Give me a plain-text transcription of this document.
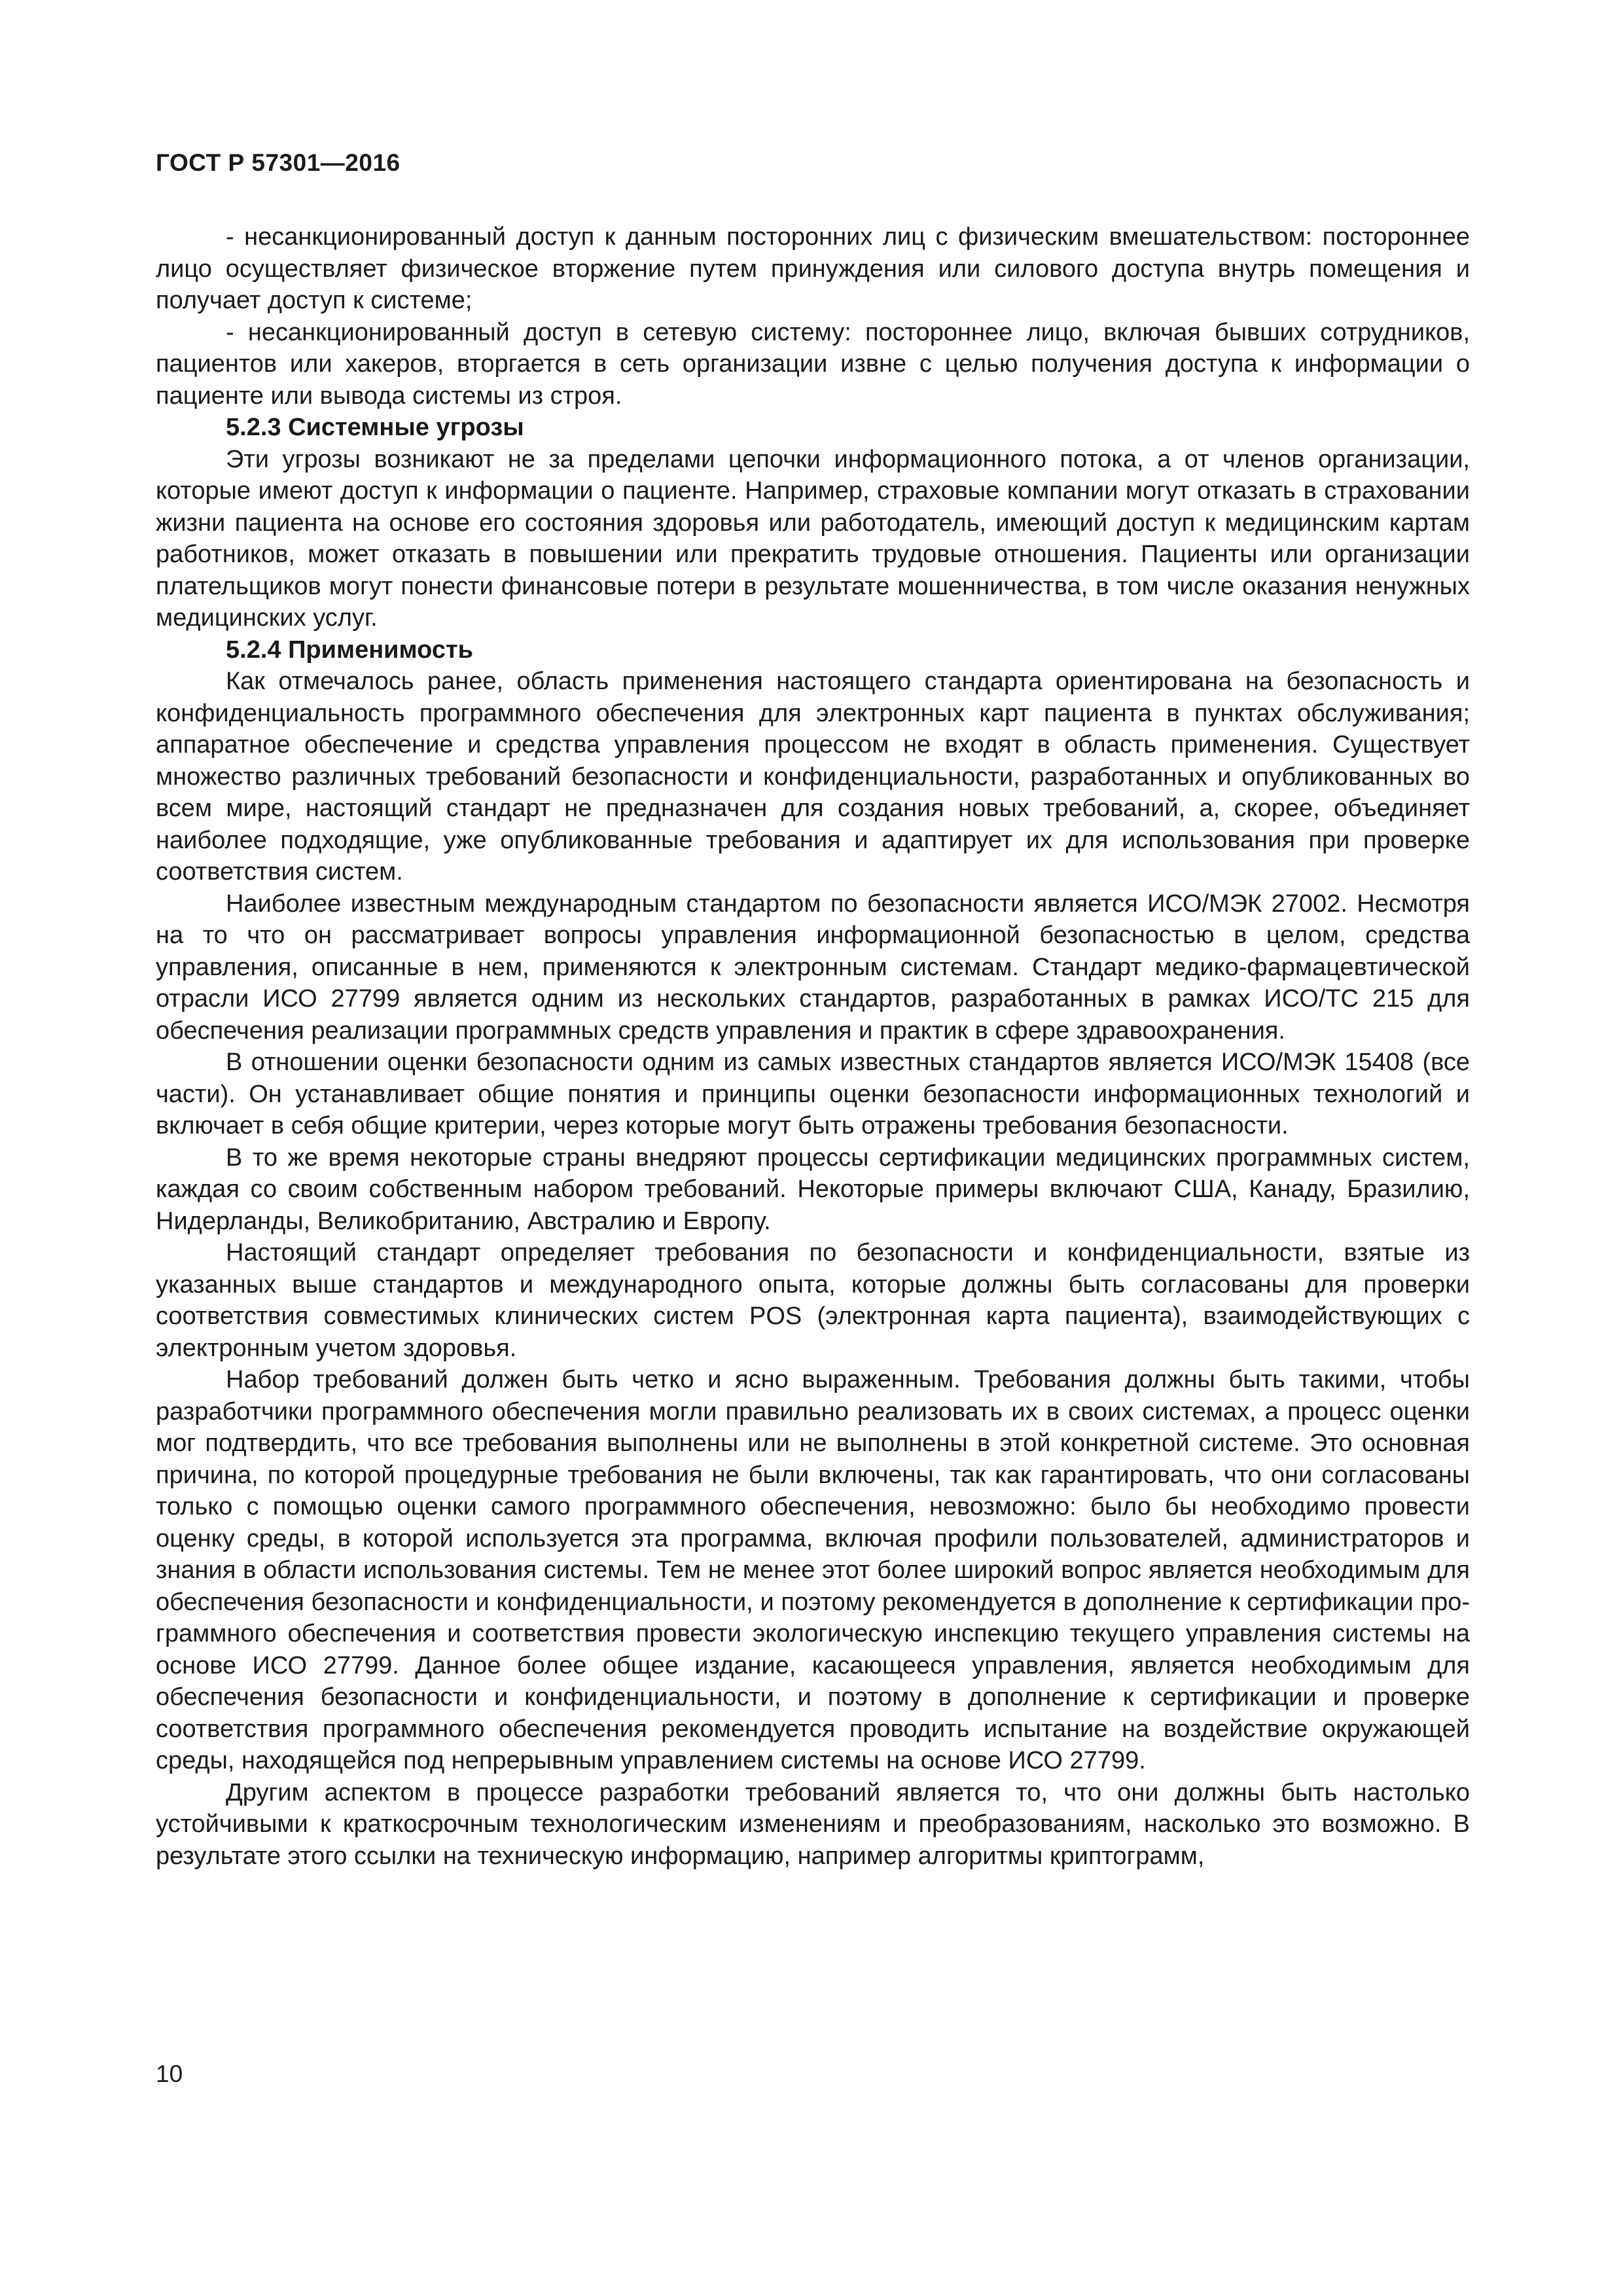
ГОСТ Р 57301—2016

- несанкционированный доступ к данным посторонних лиц с физическим вмешательством: постороннее лицо осуществляет физическое вторжение путем принуждения или силового доступа внутрь помещения и получает доступ к системе;

- несанкционированный доступ в сетевую систему: постороннее лицо, включая бывших сотрудников, пациентов или хакеров, вторгается в сеть организации извне с целью получения доступа к информации о пациенте или вывода системы из строя.

5.2.3 Системные угрозы

Эти угрозы возникают не за пределами цепочки информационного потока, а от членов организации, которые имеют доступ к информации о пациенте. Например, страховые компании могут отказать в страховании жизни пациента на основе его состояния здоровья или работодатель, имеющий доступ к медицинским картам работников, может отказать в повышении или прекратить трудовые отношения. Пациенты или организации плательщиков могут понести финансовые потери в результате мошенничества, в том числе оказания ненужных медицинских услуг.

5.2.4 Применимость

Как отмечалось ранее, область применения настоящего стандарта ориентирована на безопасность и конфиденциальность программного обеспечения для электронных карт пациента в пунктах обслуживания; аппаратное обеспечение и средства управления процессом не входят в область применения. Существует множество различных требований безопасности и конфиденциальности, разработанных и опубликованных во всем мире, настоящий стандарт не предназначен для создания новых требований, а, скорее, объединяет наиболее подходящие, уже опубликованные требования и адаптирует их для использования при проверке соответствия систем.

Наиболее известным международным стандартом по безопасности является ИСО/МЭК 27002. Несмотря на то что он рассматривает вопросы управления информационной безопасностью в целом, средства управления, описанные в нем, применяются к электронным системам. Стандарт медико-фармацевтической отрасли ИСО 27799 является одним из нескольких стандартов, разработанных в рамках ИСО/ТС 215 для обеспечения реализации программных средств управления и практик в сфере здравоохранения.

В отношении оценки безопасности одним из самых известных стандартов является ИСО/МЭК 15408 (все части). Он устанавливает общие понятия и принципы оценки безопасности информационных технологий и включает в себя общие критерии, через которые могут быть отражены требования безопасности.

В то же время некоторые страны внедряют процессы сертификации медицинских программных систем, каждая со своим собственным набором требований. Некоторые примеры включают США, Канаду, Бразилию, Нидерланды, Великобританию, Австралию и Европу.

Настоящий стандарт определяет требования по безопасности и конфиденциальности, взятые из указанных выше стандартов и международного опыта, которые должны быть согласованы для проверки соответствия совместимых клинических систем POS (электронная карта пациента), взаимодействующих с электронным учетом здоровья.

Набор требований должен быть четко и ясно выраженным. Требования должны быть такими, чтобы разработчики программного обеспечения могли правильно реализовать их в своих системах, а процесс оценки мог подтвердить, что все требования выполнены или не выполнены в этой конкретной системе. Это основная причина, по которой процедурные требования не были включены, так как гарантировать, что они согласованы только с помощью оценки самого программного обеспечения, невозможно: было бы необходимо провести оценку среды, в которой используется эта программа, включая профили пользователей, администраторов и знания в области использования системы. Тем не менее этот более широкий вопрос является необходимым для обеспечения безопасности и конфиденциальности, и поэтому рекомендуется в дополнение к сертификации программного обеспечения и соответствия провести экологическую инспекцию текущего управления системы на основе ИСО 27799. Данное более общее издание, касающееся управления, является необходимым для обеспечения безопасности и конфиденциальности, и поэтому в дополнение к сертификации и проверке соответствия программного обеспечения рекомендуется проводить испытание на воздействие окружающей среды, находящейся под непрерывным управлением системы на основе ИСО 27799.

Другим аспектом в процессе разработки требований является то, что они должны быть настолько устойчивыми к краткосрочным технологическим изменениям и преобразованиям, насколько это возможно. В результате этого ссылки на техническую информацию, например алгоритмы криптограмм,

10
